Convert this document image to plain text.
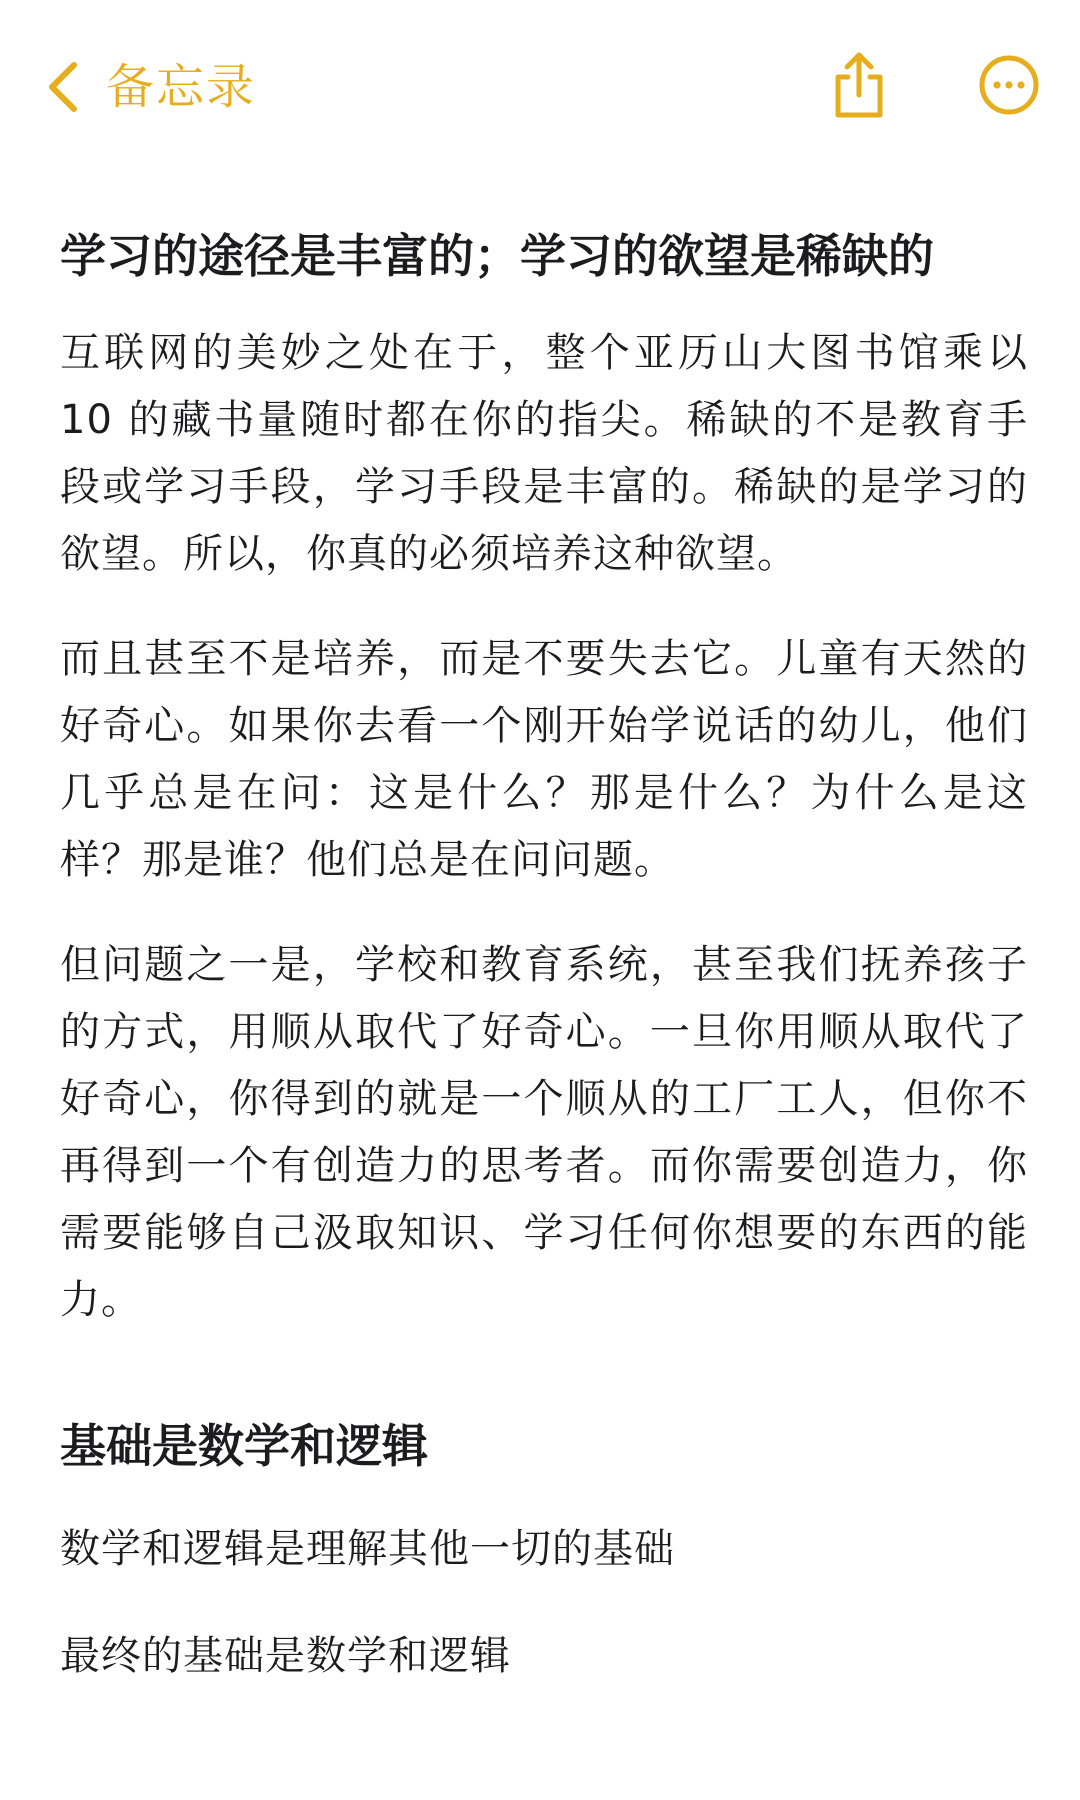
备忘录
学习的途径是丰富的；学习的欲望是稀缺的

互联网的美妙之处在于，整个亚历山大图书馆乘以 10 的藏书量随时都在你的指尖。稀缺的不是教育手段或学习手段，学习手段是丰富的。稀缺的是学习的欲望。所以，你真的必须培养这种欲望。

而且甚至不是培养，而是不要失去它。儿童有天然的好奇心。如果你去看一个刚开始学说话的幼儿，他们几乎总是在问：这是什么？那是什么？为什么是这样？那是谁？他们总是在问问题。

但问题之一是，学校和教育系统，甚至我们抚养孩子的方式，用顺从取代了好奇心。一旦你用顺从取代了好奇心，你得到的就是一个顺从的工厂工人，但你不再得到一个有创造力的思考者。而你需要创造力，你需要能够自己汲取知识、学习任何你想要的东西的能力。

基础是数学和逻辑

数学和逻辑是理解其他一切的基础

最终的基础是数学和逻辑
